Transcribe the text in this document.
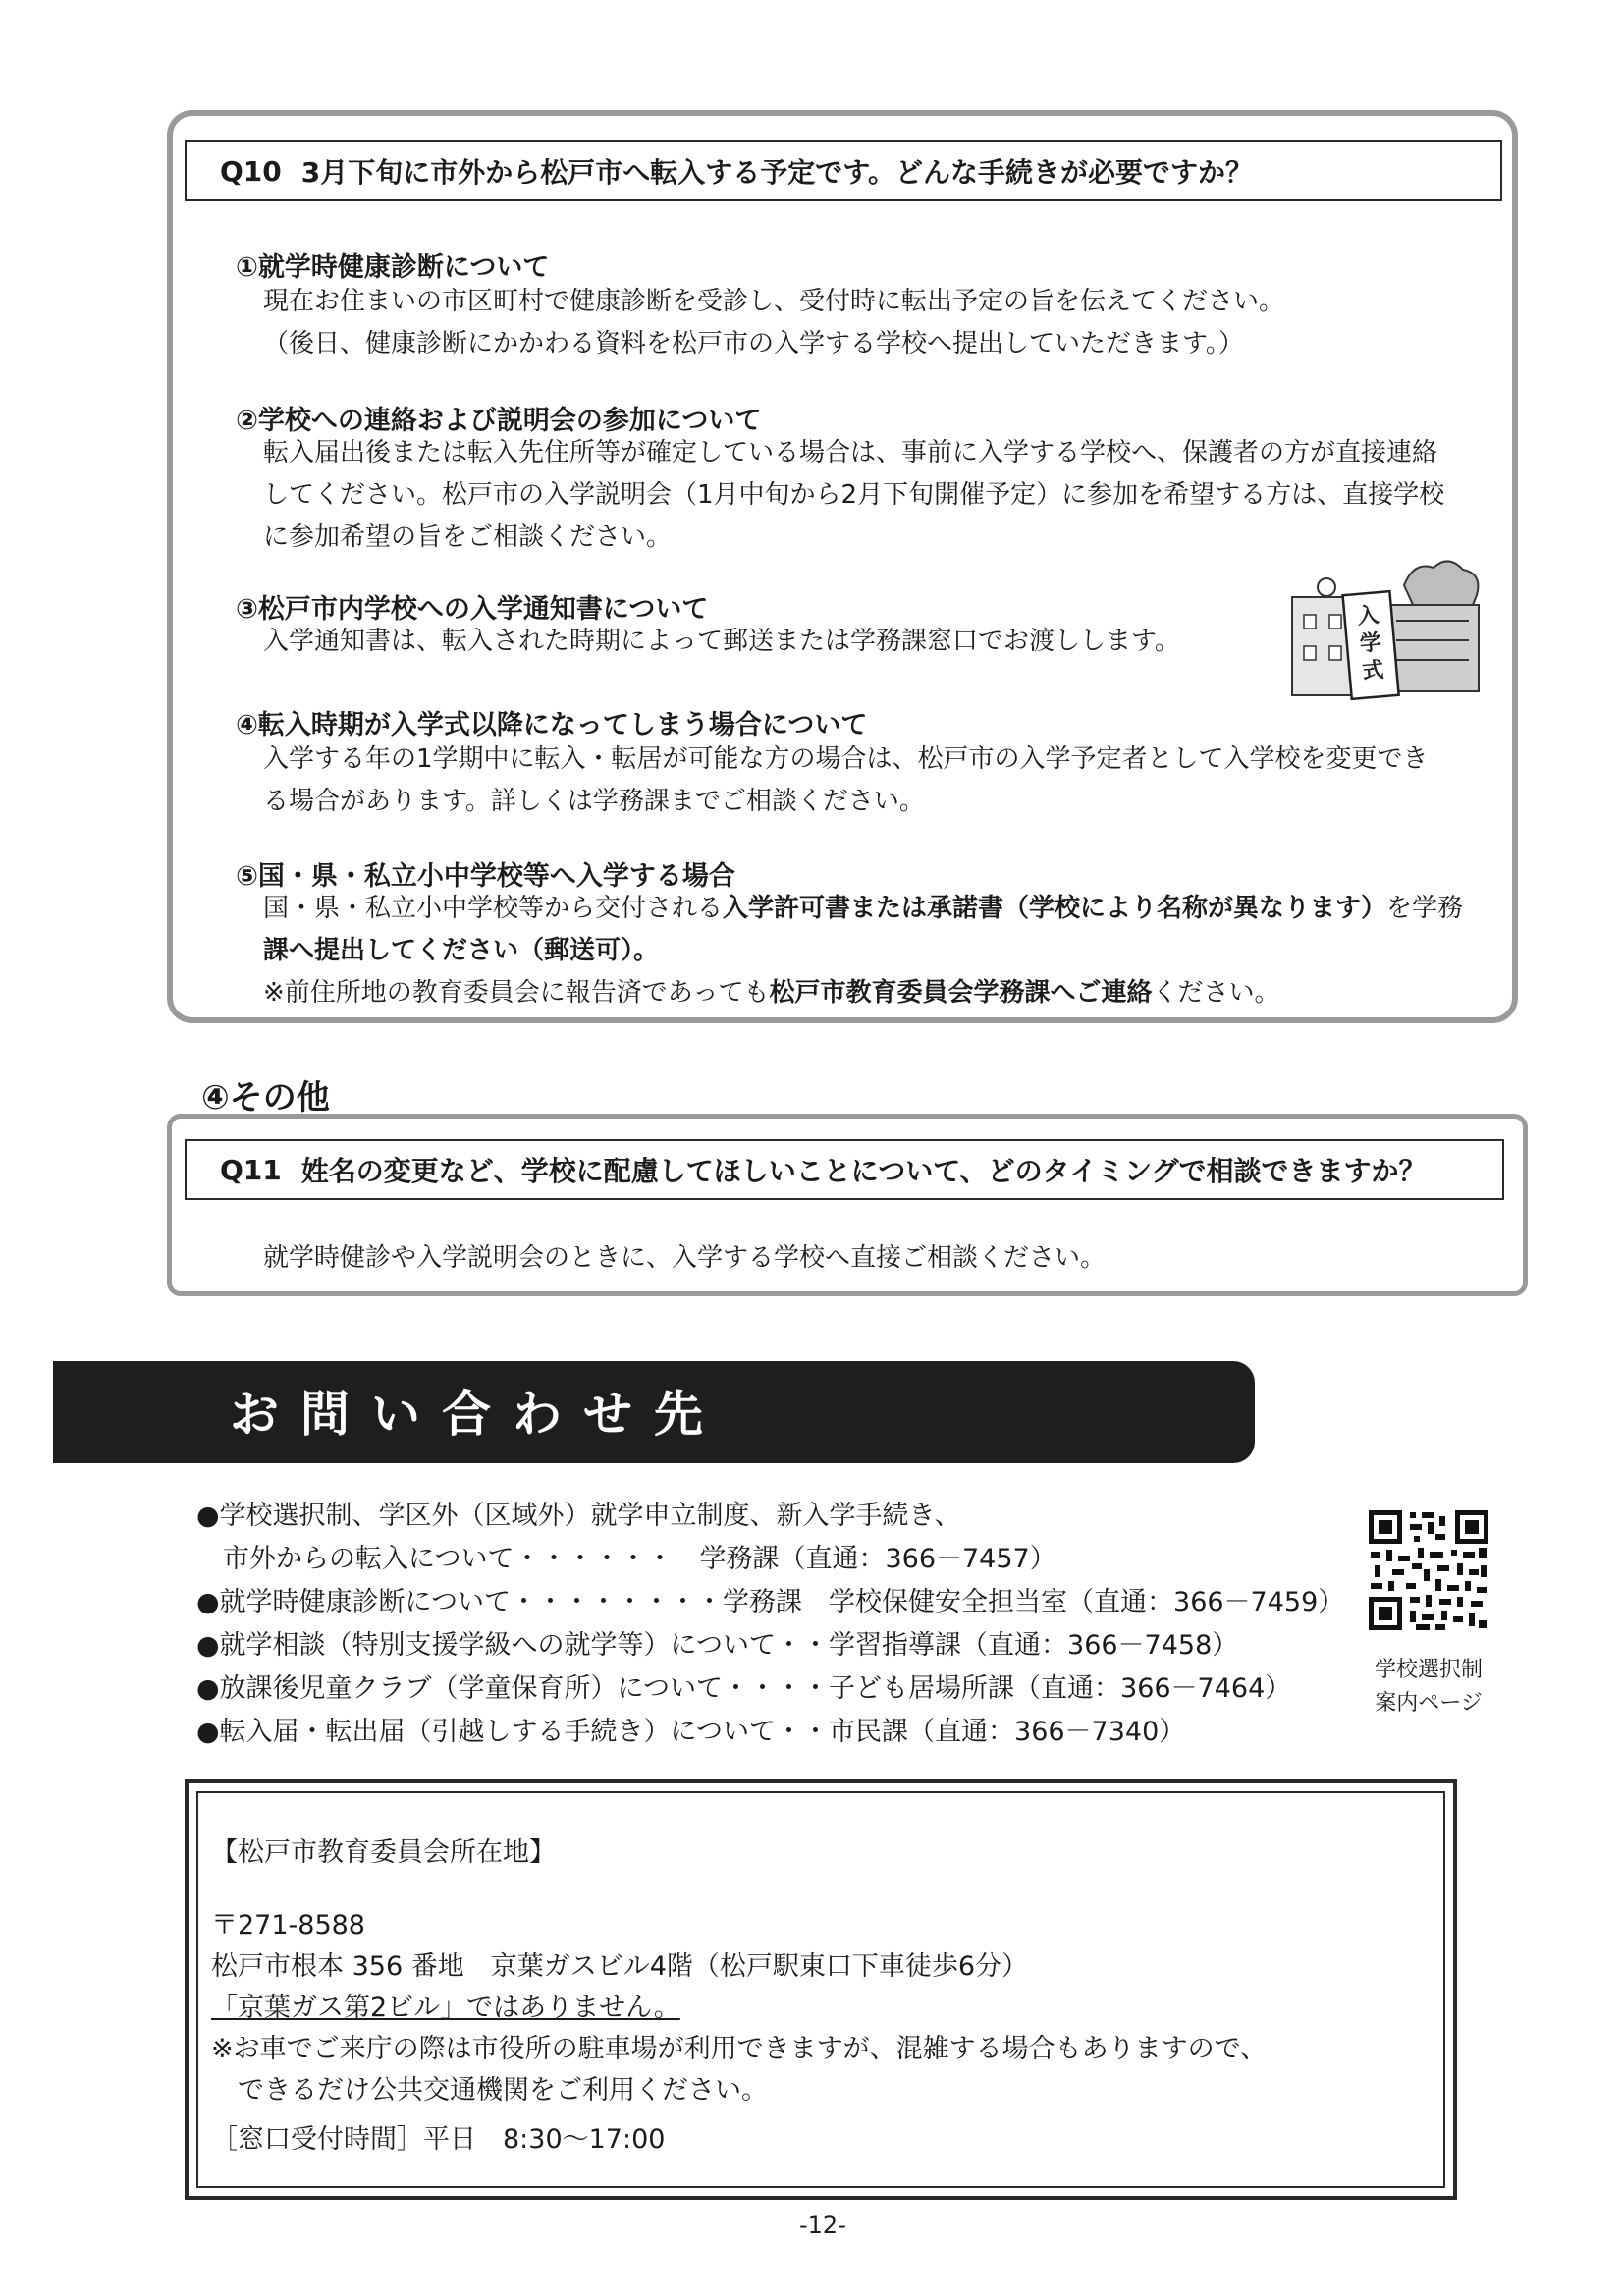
Q10 3月下旬に市外から松戸市へ転入する予定です。どんな手続きが必要ですか？
①就学時健康診断について
現在お住まいの市区町村で健康診断を受診し、受付時に転出予定の旨を伝えてください。
（後日、健康診断にかかわる資料を松戸市の入学する学校へ提出していただきます。）
②学校への連絡および説明会の参加について
転入届出後または転入先住所等が確定している場合は、事前に入学する学校へ、保護者の方が直接連絡
してください。松戸市の入学説明会（1月中旬から2月下旬開催予定）に参加を希望する方は、直接学校
に参加希望の旨をご相談ください。
③松戸市内学校への入学通知書について
入学通知書は、転入された時期によって郵送または学務課窓口でお渡しします。
入
学
式
④転入時期が入学式以降になってしまう場合について
入学する年の1学期中に転入・転居が可能な方の場合は、松戸市の入学予定者として入学校を変更でき
る場合があります。詳しくは学務課までご相談ください。
⑤国・県・私立小中学校等へ入学する場合
国・県・私立小中学校等から交付される入学許可書または承諾書（学校により名称が異なります）を学務
課へ提出してください（郵送可）。
※前住所地の教育委員会に報告済であっても松戸市教育委員会学務課へご連絡ください。
④その他
Q11 姓名の変更など、学校に配慮してほしいことについて、どのタイミングで相談できますか？
就学時健診や入学説明会のときに、入学する学校へ直接ご相談ください。
お問い合わせ先
●学校選択制、学区外（区域外）就学申立制度、新入学手続き、
　市外からの転入について・・・・・・　学務課（直通：366－7457）
●就学時健康診断について・・・・・・・・学務課　学校保健安全担当室（直通：366－7459）
●就学相談（特別支援学級への就学等）について・・学習指導課（直通：366－7458）
●放課後児童クラブ（学童保育所）について・・・・子ども居場所課（直通：366－7464）
●転入届・転出届（引越しする手続き）について・・市民課（直通：366－7340）
学校選択制
案内ページ
【松戸市教育委員会所在地】
〒271-8588
松戸市根本 356 番地　京葉ガスビル4階（松戸駅東口下車徒歩6分）
「京葉ガス第2ビル」ではありません。
※お車でご来庁の際は市役所の駐車場が利用できますが、混雑する場合もありますので、
　できるだけ公共交通機関をご利用ください。
［窓口受付時間］平日　8:30～17:00
-12-
